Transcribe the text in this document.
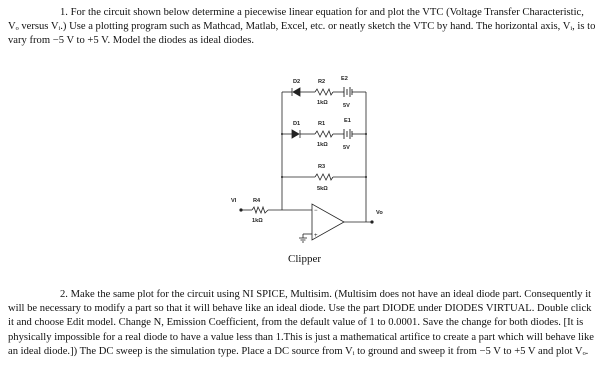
1. For the circuit shown below determine a piecewise linear equation for and plot the VTC (Voltage Transfer Characteristic, Vₒ versus Vᵢ.) Use a plotting program such as Mathcad, Matlab, Excel, etc. or neatly sketch the VTC by hand. The horizontal axis, Vᵢ, is to vary from −5 V to +5 V. Model the diodes as ideal diodes.
−
+
D2	R2	E2
1kΩ	5V
D1	R1	E1
1kΩ	5V
R3
5kΩ
VI	R4
1kΩ
Vo
Clipper
2. Make the same plot for the circuit using NI SPICE, Multisim. (Multisim does not have an ideal diode part. Consequently it will be necessary to modify a part so that it will behave like an ideal diode. Use the part DIODE under DIODES VIRTUAL. Double click it and choose Edit model. Change N, Emission Coefficient, from the default value of 1 to 0.0001. Save the change for both diodes. [It is physically impossible for a real diode to have a value less than 1.This is just a mathematical artifice to create a part which will behave like an ideal diode.]) The DC sweep is the simulation type. Place a DC source from Vᵢ to ground and sweep it from −5 V to +5 V and plot Vₒ.
